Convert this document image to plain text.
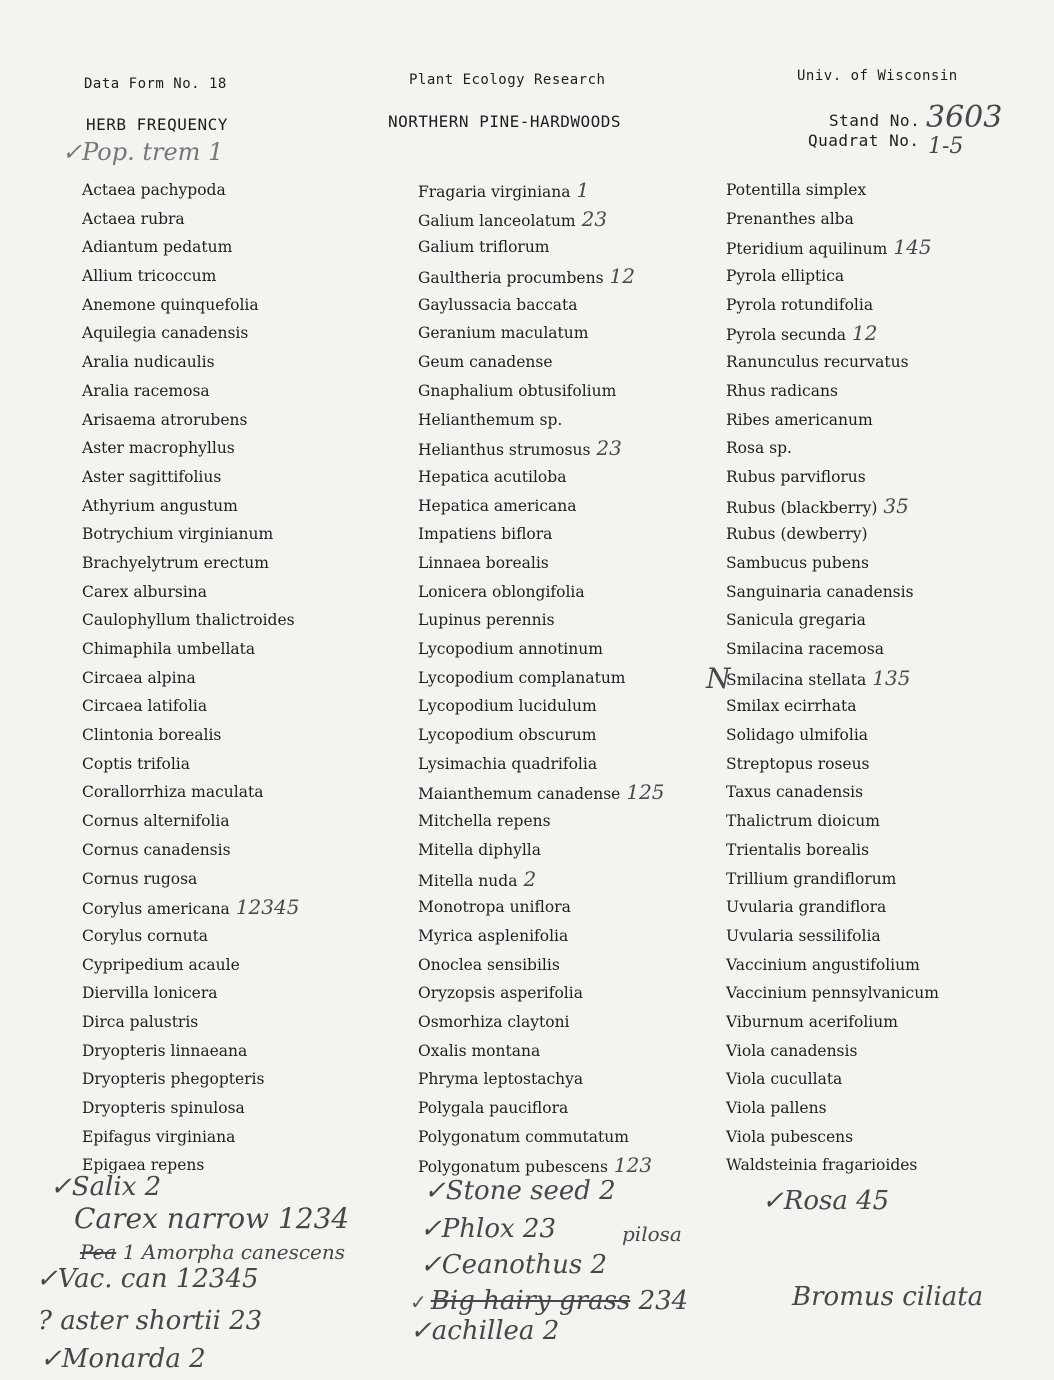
Data Form No. 18	Plant Ecology Research	Univ. of Wisconsin
HERB FREQUENCY	NORTHERN PINE-HARDWOODS	Stand No. 3603
Quadrat No. 1-5
✓Pop. trem 1
Actaea pachypoda
Actaea rubra
Adiantum pedatum
Allium tricoccum
Anemone quinquefolia
Aquilegia canadensis
Aralia nudicaulis
Aralia racemosa
Arisaema atrorubens
Aster macrophyllus
Aster sagittifolius
Athyrium angustum
Botrychium virginianum
Brachyelytrum erectum
Carex albursina
Caulophyllum thalictroides
Chimaphila umbellata
Circaea alpina
Circaea latifolia
Clintonia borealis
Coptis trifolia
Corallorrhiza maculata
Cornus alternifolia
Cornus canadensis
Cornus rugosa
Corylus americana 12345
Corylus cornuta
Cypripedium acaule
Diervilla lonicera
Dirca palustris
Dryopteris linnaeana
Dryopteris phegopteris
Dryopteris spinulosa
Epifagus virginiana
Epigaea repens
Fragaria virginiana 1
Galium lanceolatum 23
Galium triflorum
Gaultheria procumbens 12
Gaylussacia baccata
Geranium maculatum
Geum canadense
Gnaphalium obtusifolium
Helianthemum sp.
Helianthus strumosus 23
Hepatica acutiloba
Hepatica americana
Impatiens biflora
Linnaea borealis
Lonicera oblongifolia
Lupinus perennis
Lycopodium annotinum
Lycopodium complanatum
Lycopodium lucidulum
Lycopodium obscurum
Lysimachia quadrifolia
Maianthemum canadense 125
Mitchella repens
Mitella diphylla
Mitella nuda 2
Monotropa uniflora
Myrica asplenifolia
Onoclea sensibilis
Oryzopsis asperifolia
Osmorhiza claytoni
Oxalis montana
Phryma leptostachya
Polygala pauciflora
Polygonatum commutatum
Polygonatum pubescens 123
Potentilla simplex
Prenanthes alba
Pteridium aquilinum 145
Pyrola elliptica
Pyrola rotundifolia
Pyrola secunda 12
Ranunculus recurvatus
Rhus radicans
Ribes americanum
Rosa sp.
Rubus parviflorus
Rubus (blackberry) 35
Rubus (dewberry)
Sambucus pubens
Sanguinaria canadensis
Sanicula gregaria
Smilacina racemosa
Smilacina stellata 135
Smilax ecirrhata
Solidago ulmifolia
Streptopus roseus
Taxus canadensis
Thalictrum dioicum
Trientalis borealis
Trillium grandiflorum
Uvularia grandiflora
Uvularia sessilifolia
Vaccinium angustifolium
Vaccinium pennsylvanicum
Viburnum acerifolium
Viola canadensis
Viola cucullata
Viola pallens
Viola pubescens
Waldsteinia fragarioides
✓Salix 2
Carex narrow 1234
Pea 1 Amorpha canescens
✓Vac. can 12345
? aster shortii 23
✓Monarda 2
✓Stone seed 2
✓Phlox 23	pilosa
✓Ceanothus 2
✓ Big hairy grass 234	Bromus ciliata
✓achillea 2
✓Rosa 45
N
